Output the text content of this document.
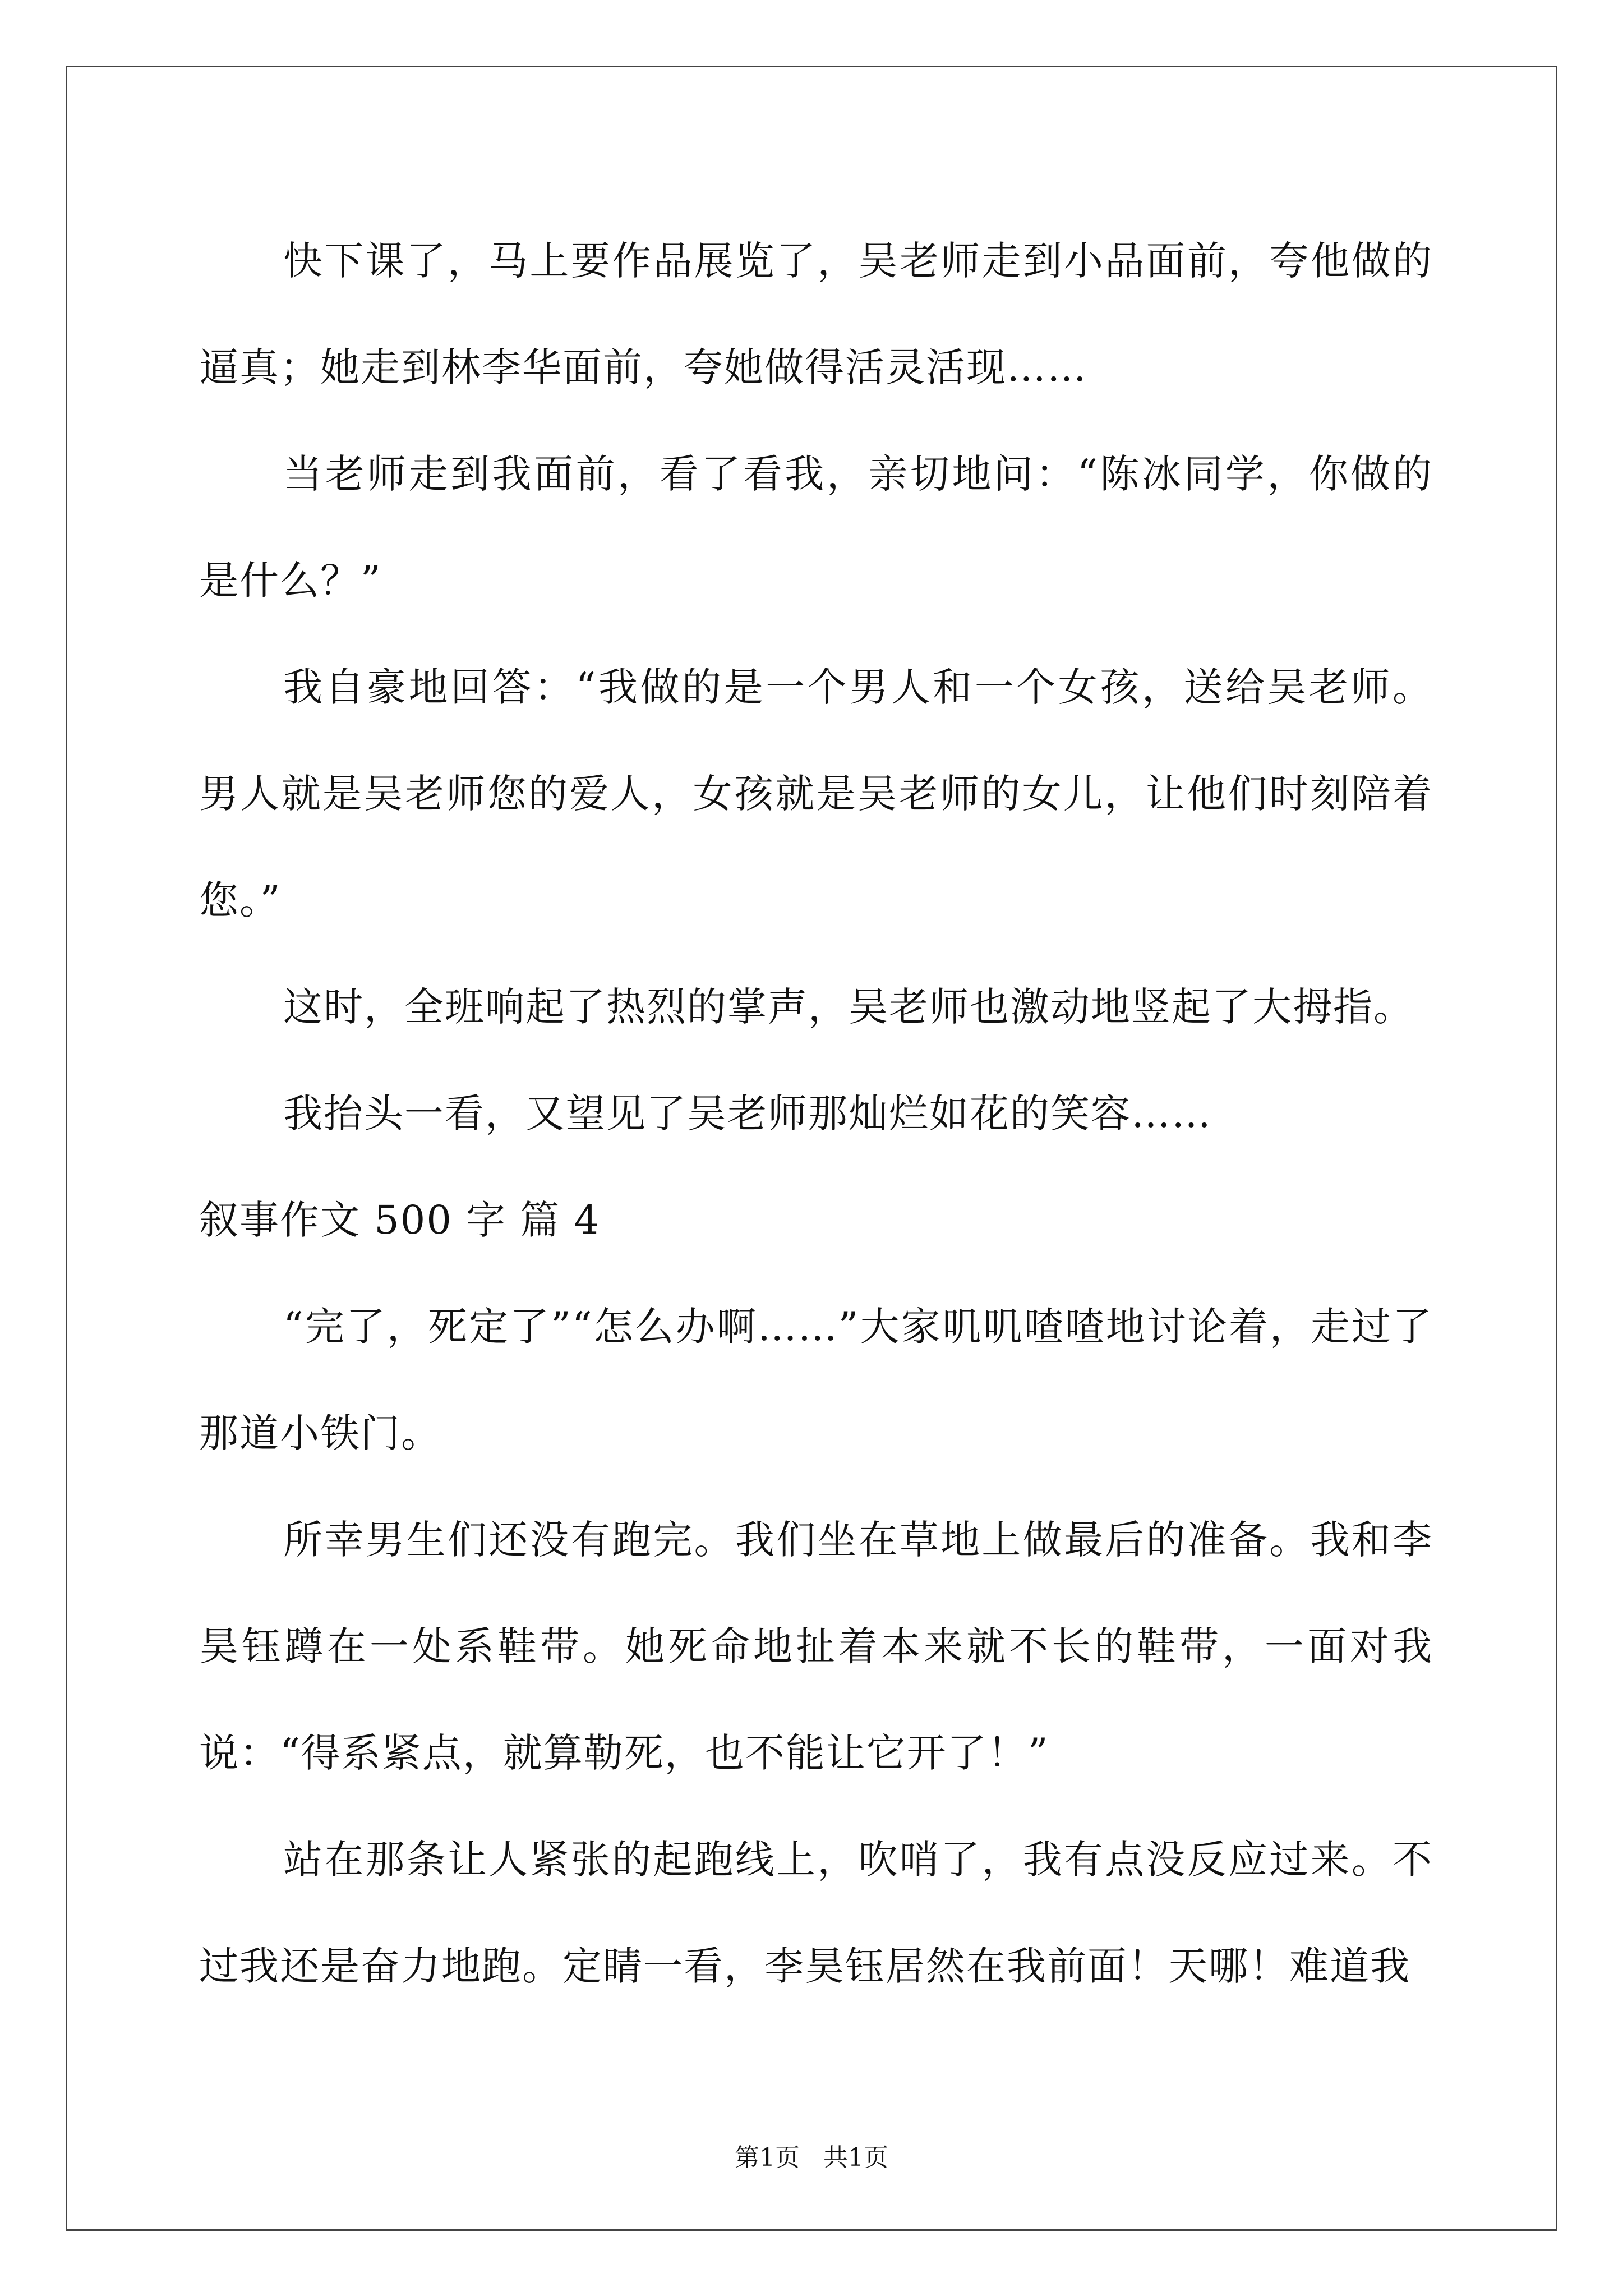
快下课了，马上要作品展览了，吴老师走到小品面前，夸他做的逼真；她走到林李华面前，夸她做得活灵活现……

当老师走到我面前，看了看我，亲切地问：“陈冰同学，你做的是什么？”

我自豪地回答：“我做的是一个男人和一个女孩，送给吴老师。男人就是吴老师您的爱人，女孩就是吴老师的女儿，让他们时刻陪着您。”

这时，全班响起了热烈的掌声，吴老师也激动地竖起了大拇指。

我抬头一看，又望见了吴老师那灿烂如花的笑容……

叙事作文 500 字 篇 4

“完了，死定了”“怎么办啊……”大家叽叽喳喳地讨论着，走过了那道小铁门。

所幸男生们还没有跑完。我们坐在草地上做最后的准备。我和李昊钰蹲在一处系鞋带。她死命地扯着本来就不长的鞋带，一面对我说：“得系紧点，就算勒死，也不能让它开了！”

站在那条让人紧张的起跑线上，吹哨了，我有点没反应过来。不过我还是奋力地跑。定睛一看，李昊钰居然在我前面！天哪！难道我

第1页   共1页
